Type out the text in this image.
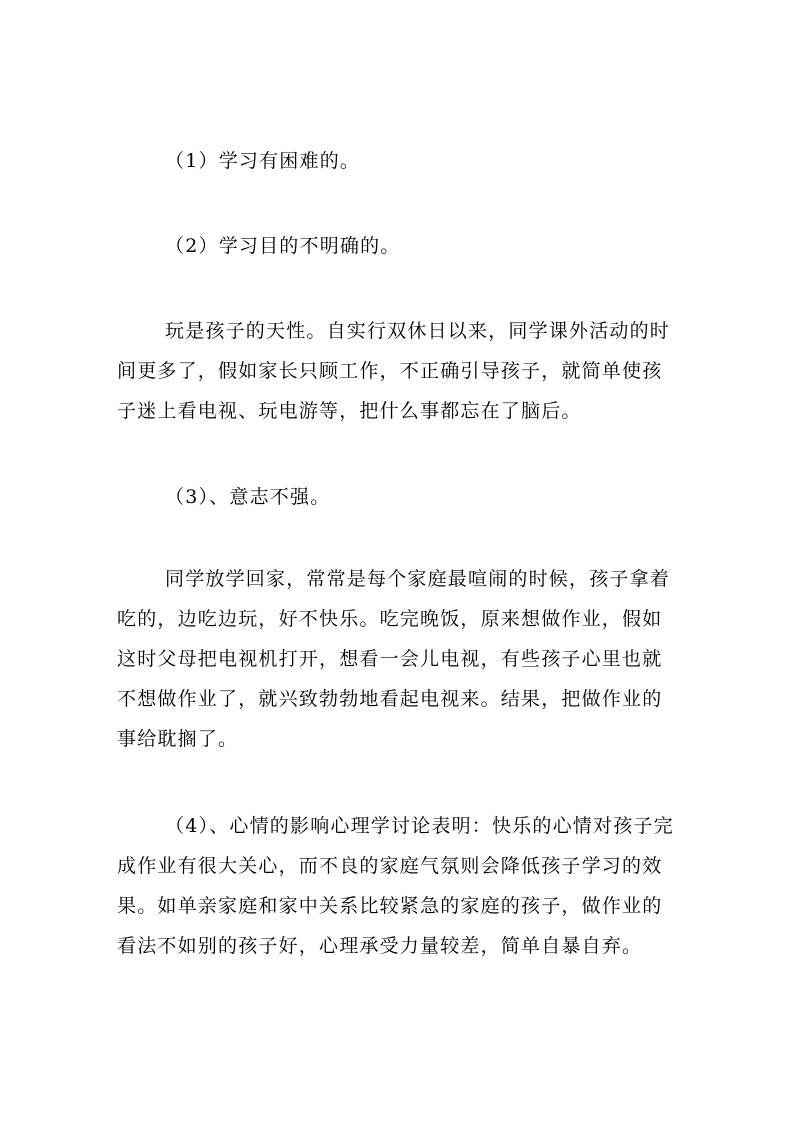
（1）学习有困难的。

（2）学习目的不明确的。

玩是孩子的天性。自实行双休日以来，同学课外活动的时间更多了，假如家长只顾工作，不正确引导孩子，就简单使孩子迷上看电视、玩电游等，把什么事都忘在了脑后。

（3）、意志不强。

同学放学回家，常常是每个家庭最喧闹的时候，孩子拿着吃的，边吃边玩，好不快乐。吃完晚饭，原来想做作业，假如这时父母把电视机打开，想看一会儿电视，有些孩子心里也就不想做作业了，就兴致勃勃地看起电视来。结果，把做作业的事给耽搁了。

（4）、心情的影响心理学讨论表明：快乐的心情对孩子完成作业有很大关心，而不良的家庭气氛则会降低孩子学习的效果。如单亲家庭和家中关系比较紧急的家庭的孩子，做作业的看法不如别的孩子好，心理承受力量较差，简单自暴自弃。
